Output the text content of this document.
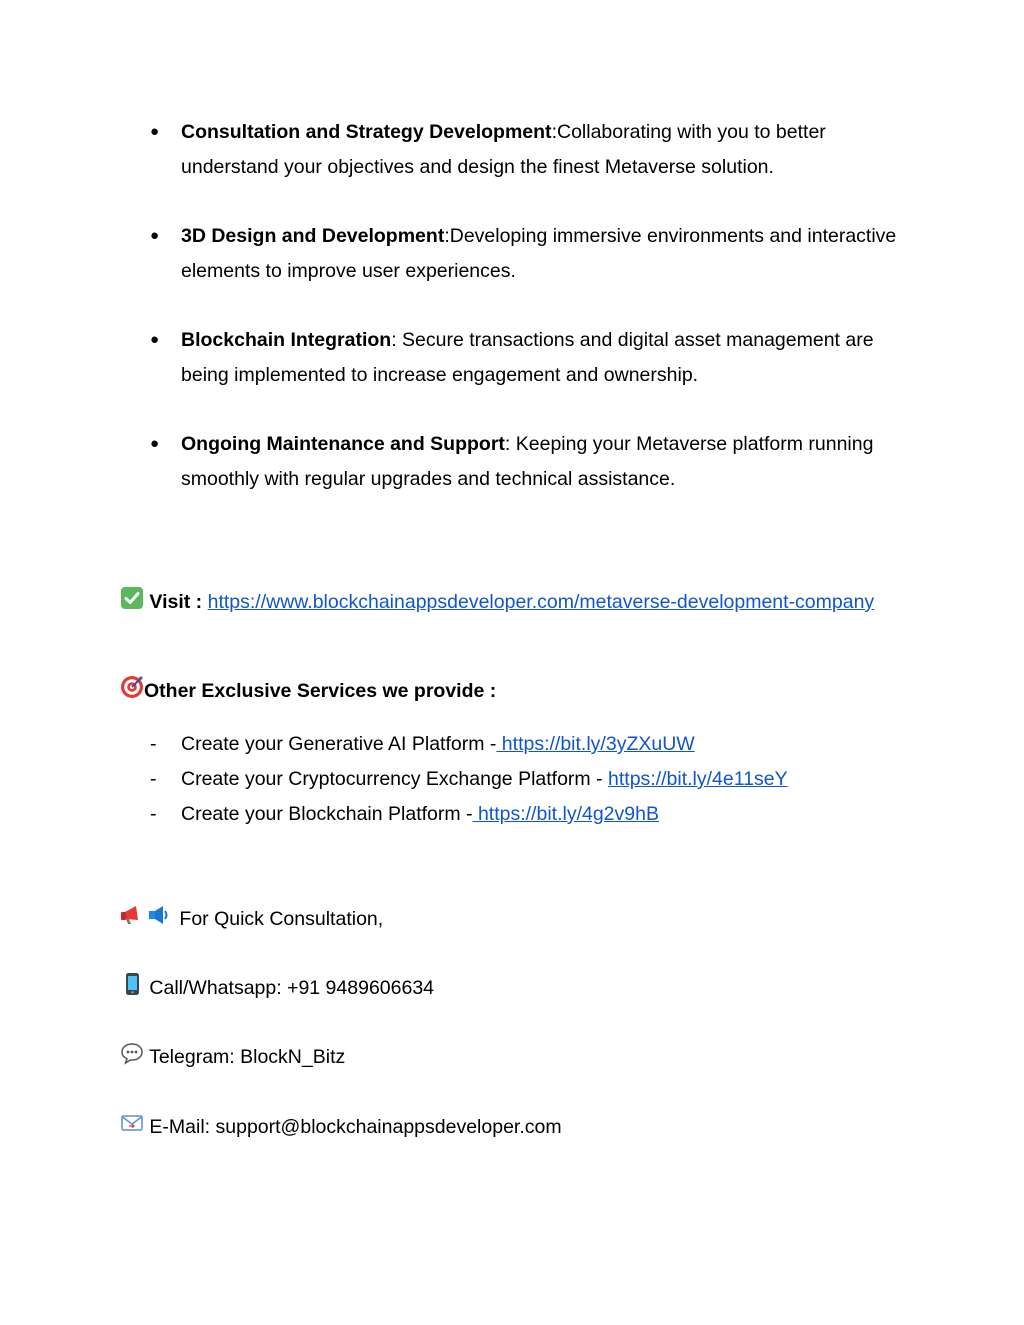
●	Consultation and Strategy Development:Collaborating with you to better understand your objectives and design the finest Metaverse solution.
●	3D Design and Development:Developing immersive environments and interactive elements to improve user experiences.
●	Blockchain Integration: Secure transactions and digital asset management are being implemented to increase engagement and ownership.
●	Ongoing Maintenance and Support: Keeping your Metaverse platform running smoothly with regular upgrades and technical assistance.
Visit : https://www.blockchainappsdeveloper.com/metaverse-development-company
Other Exclusive Services we provide :
- Create your Generative AI Platform - https://bit.ly/3yZXuUW
- Create your Cryptocurrency Exchange Platform - https://bit.ly/4e11seY
- Create your Blockchain Platform - https://bit.ly/4g2v9hB
For Quick Consultation,
Call/Whatsapp: +91 9489606634
Telegram: BlockN_Bitz
E-Mail: support@blockchainappsdeveloper.com
